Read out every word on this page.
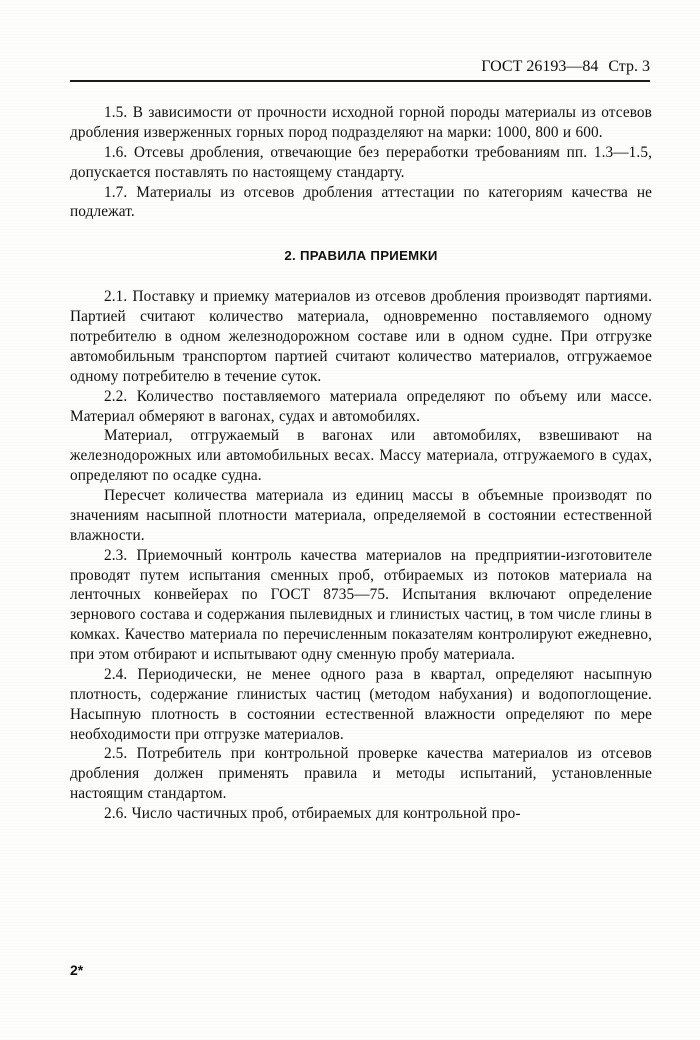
ГОСТ 26193—84 Стр. 3

1.5. В зависимости от прочности исходной горной породы материалы из отсевов дробления изверженных горных пород подразделяют на марки: 1000, 800 и 600.

1.6. Отсевы дробления, отвечающие без переработки требованиям пп. 1.3—1.5, допускается поставлять по настоящему стандарту.

1.7. Материалы из отсевов дробления аттестации по категориям качества не подлежат.

2. ПРАВИЛА ПРИЕМКИ

2.1. Поставку и приемку материалов из отсевов дробления производят партиями. Партией считают количество материала, одновременно поставляемого одному потребителю в одном железнодорожном составе или в одном судне. При отгрузке автомобильным транспортом партией считают количество материалов, отгружаемое одному потребителю в течение суток.

2.2. Количество поставляемого материала определяют по объему или массе. Материал обмеряют в вагонах, судах и автомобилях.

Материал, отгружаемый в вагонах или автомобилях, взвешивают на железнодорожных или автомобильных весах. Массу материала, отгружаемого в судах, определяют по осадке судна.

Пересчет количества материала из единиц массы в объемные производят по значениям насыпной плотности материала, определяемой в состоянии естественной влажности.

2.3. Приемочный контроль качества материалов на предприятии-изготовителе проводят путем испытания сменных проб, отбираемых из потоков материала на ленточных конвейерах по ГОСТ 8735—75. Испытания включают определение зернового состава и содержания пылевидных и глинистых частиц, в том числе глины в комках. Качество материала по перечисленным показателям контролируют ежедневно, при этом отбирают и испытывают одну сменную пробу материала.

2.4. Периодически, не менее одного раза в квартал, определяют насыпную плотность, содержание глинистых частиц (методом набухания) и водопоглощение. Насыпную плотность в состоянии естественной влажности определяют по мере необходимости при отгрузке материалов.

2.5. Потребитель при контрольной проверке качества материалов из отсевов дробления должен применять правила и методы испытаний, установленные настоящим стандартом.

2.6. Число частичных проб, отбираемых для контрольной про-

2*
